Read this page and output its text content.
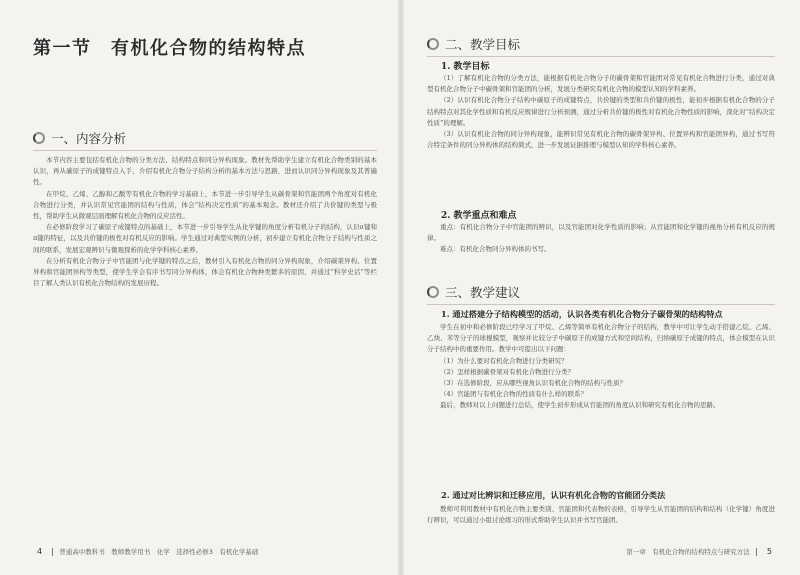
第一节　有机化合物的结构特点
一、内容分析

本节内容主要包括有机化合物的分类方法、结构特点和同分异构现象。教材先帮助学生建立有机化合物类别的基本认识，再从碳原子的成键特点入手，介绍有机化合物分子结构分析的基本方法与思路，进而认识同分异构现象及其普遍性。

在甲烷、乙烯、乙醇和乙酸等有机化合物的学习基础上，本节进一步引导学生从碳骨架和官能团两个角度对有机化合物进行分类，并认识常见官能团的结构与性质，体会“结构决定性质”的基本观念。教材还介绍了共价键的类型与极性，帮助学生从微观层面理解有机化合物的反应活性。

在必修阶段学习了碳原子成键特点的基础上，本节进一步引导学生从化学键的角度分析有机分子的结构，认识σ键和π键的特征，以及共价键的极性对有机反应的影响。学生通过对典型实例的分析，初步建立有机化合物分子结构与性质之间的联系，发展宏观辨识与微观探析的化学学科核心素养。

在分析有机化合物分子中官能团与化学键的特点之后，教材引入有机化合物的同分异构现象，介绍碳架异构、位置异构和官能团异构等类型，使学生学会有序书写同分异构体，体会有机化合物种类繁多的原因，并通过“科学史话”等栏目了解人类认识有机化合物结构的发展历程。

4	普通高中教科书　教师教学用书　化学　选择性必修3　有机化学基础
二、教学目标
1. 教学目标

（1）了解有机化合物的分类方法，能根据有机化合物分子的碳骨架和官能团对常见有机化合物进行分类，通过对典型有机化合物分子中碳骨架和官能团的分析，发展分类研究有机化合物的模型认知的学科素养。

（2）认识有机化合物分子结构中碳原子的成键特点，共价键的类型和共价键的极性，能初步根据有机化合物的分子结构特点对其化学性质和有机反应规律进行分析预测，通过分析共价键的极性对有机化合物性质的影响，深化对“结构决定性质”的理解。

（3）认识有机化合物的同分异构现象，能辨识常见有机化合物的碳骨架异构、位置异构和官能团异构，通过书写符合特定条件的同分异构体的结构简式，进一步发展证据推理与模型认知的学科核心素养。

2. 教学重点和难点

重点：有机化合物分子中官能团的辨识，以及官能团对化学性质的影响；从官能团和化学键的视角分析有机反应的规律。

难点：有机化合物同分异构体的书写。

三、教学建议
1. 通过搭建分子结构模型的活动，认识各类有机化合物分子碳骨架的结构特点

学生在初中和必修阶段已经学习了甲烷、乙烯等简单有机化合物分子的结构，教学中可让学生动手搭建乙烷、乙烯、乙炔、苯等分子的球棍模型，观察并比较分子中碳原子的成键方式和空间结构，归纳碳原子成键的特点，体会模型在认识分子结构中的重要作用。教学中可提出以下问题：

（1）为什么要对有机化合物进行分类研究？

（2）怎样根据碳骨架对有机化合物进行分类？

（3）在选修阶段，应从哪些视角认识有机化合物的结构与性质？

（4）官能团与有机化合物的性质有什么样的联系？

最后，教师对以上问题进行总结，使学生初步形成从官能团的角度认识和研究有机化合物的思路。

2. 通过对比辨识和迁移应用，认识有机化合物的官能团分类法

教师可利用教材中有机化合物主要类别、官能团和代表物的表格，引导学生从官能团的结构和结构（化学键）角度进行辨识，可以通过小组讨论练习的形式帮助学生认识并书写官能团。

第一章　有机化合物的结构特点与研究方法 5
